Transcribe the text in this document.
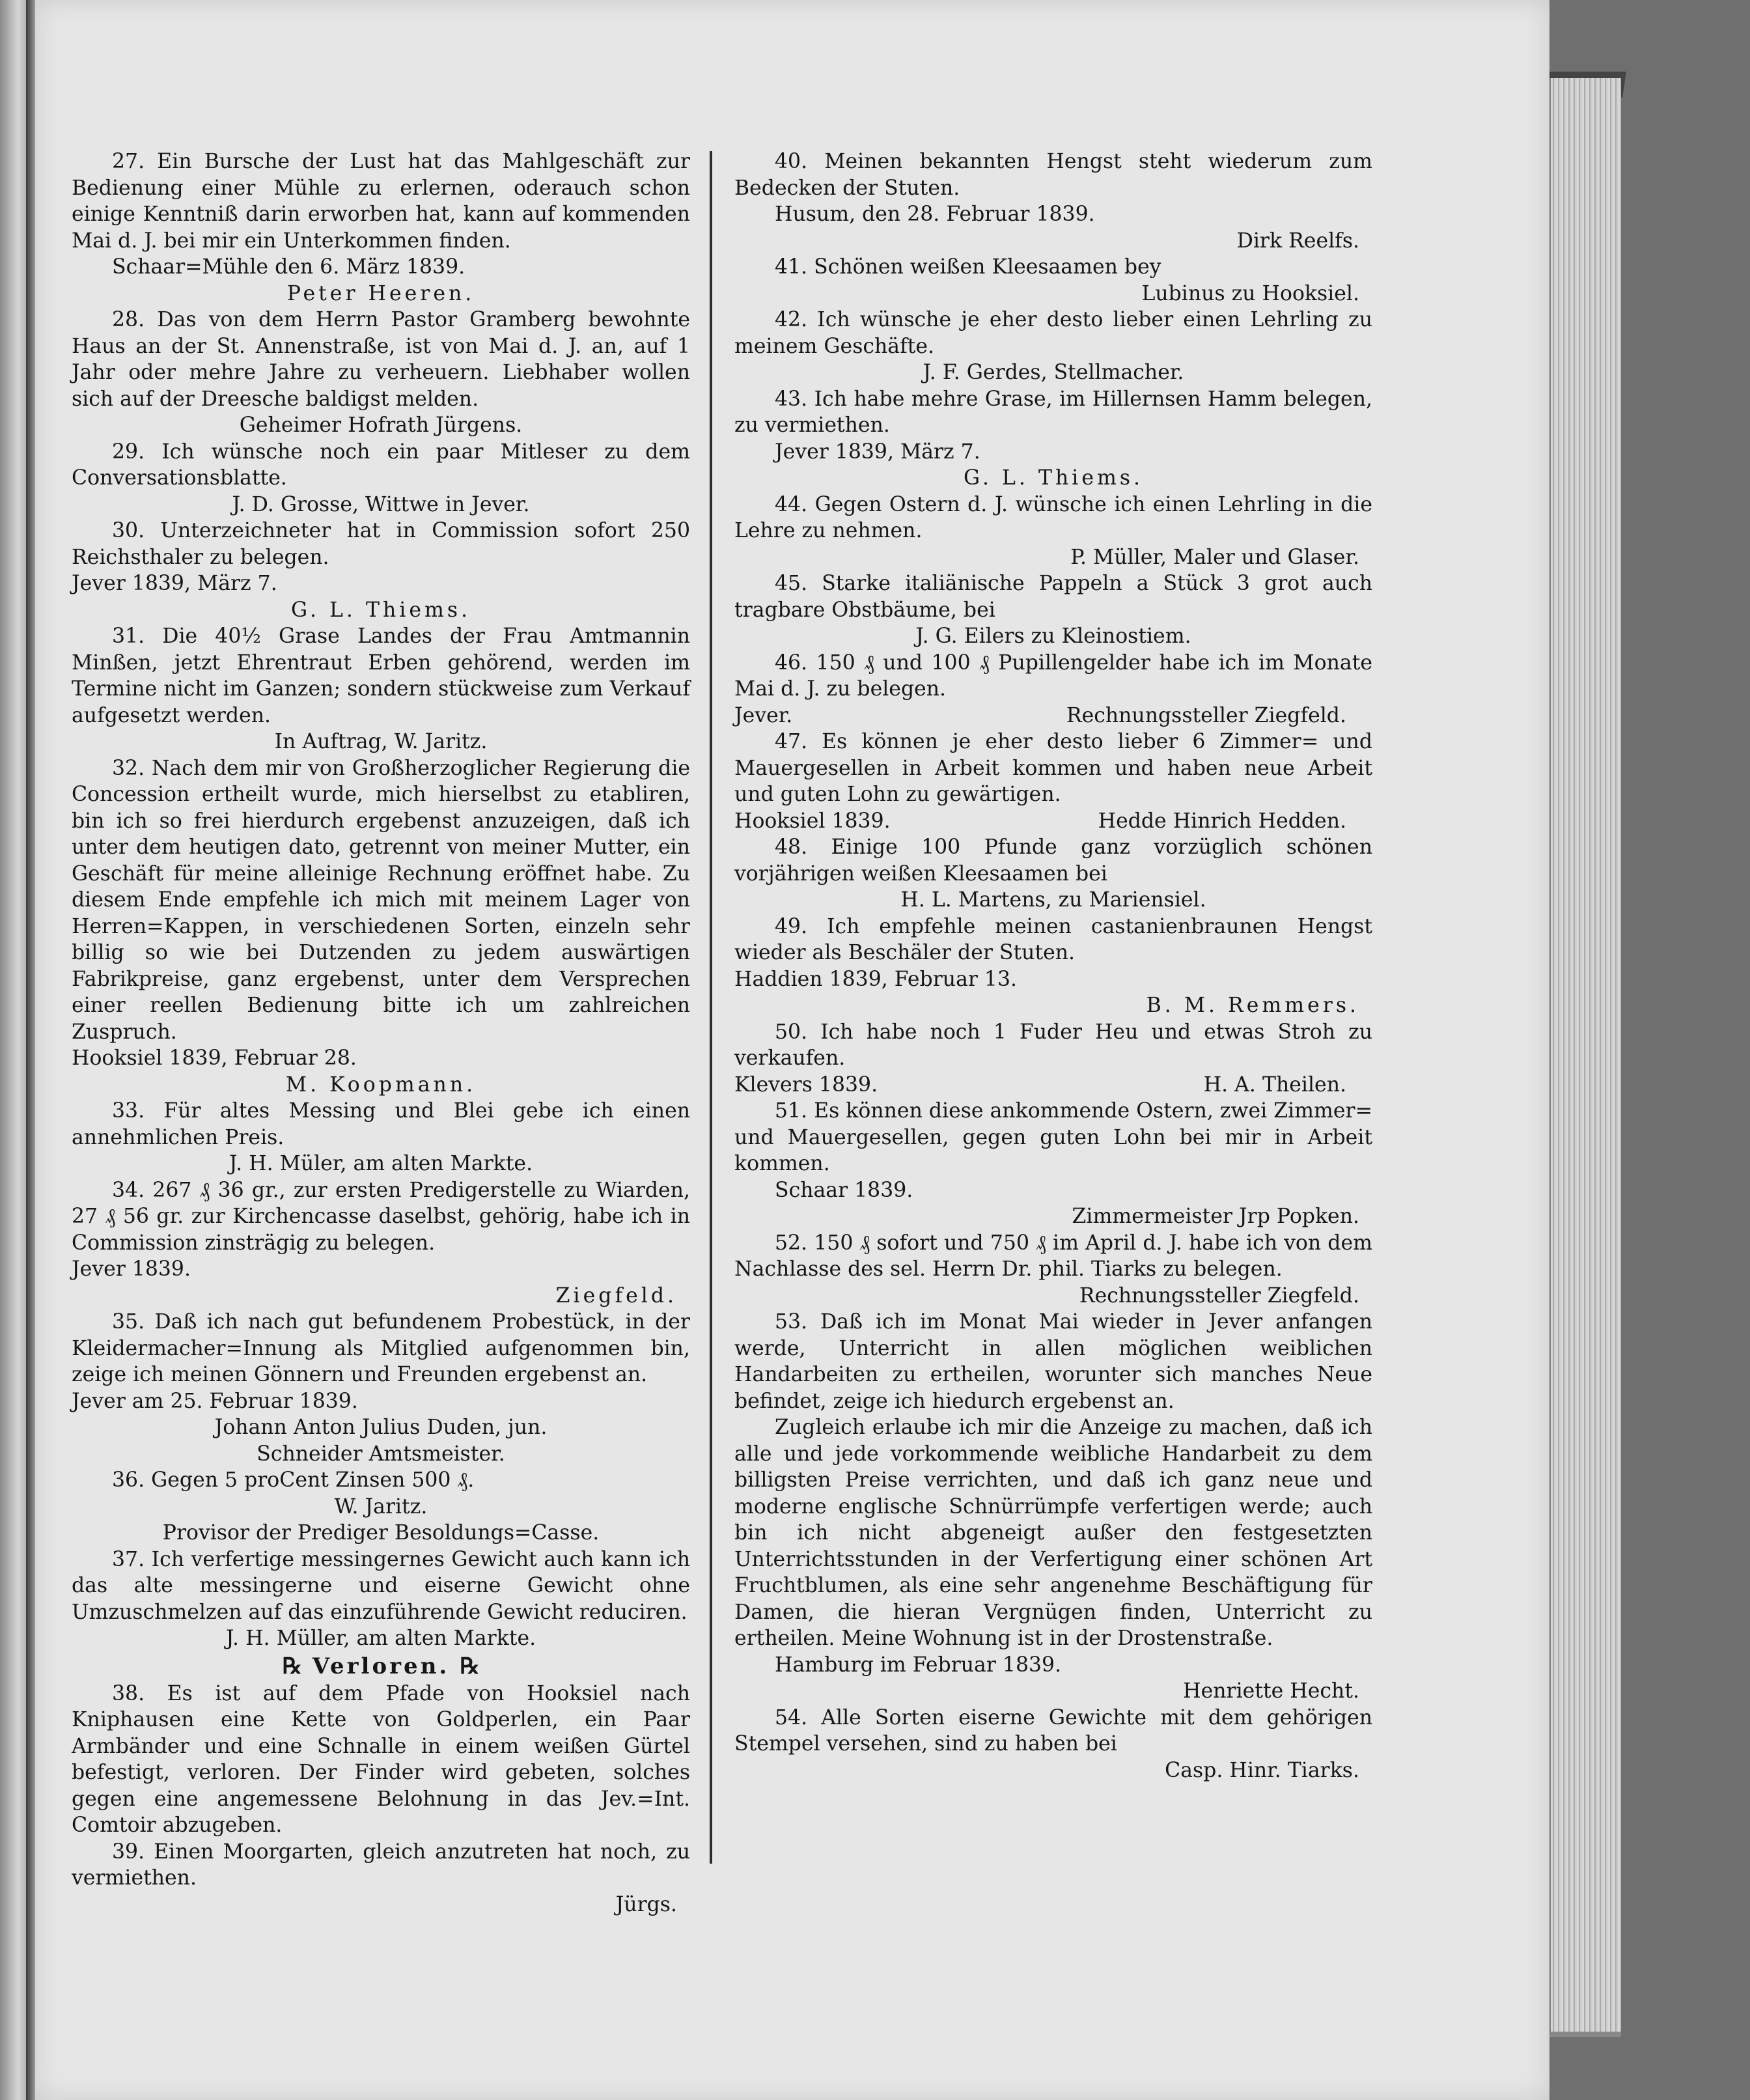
27. Ein Bursche der Lust hat das Mahlgeschäft zur Bedienung einer Mühle zu erlernen, oderauch schon einige Kenntniß darin erworben hat, kann auf kommenden Mai d. J. bei mir ein Unterkommen finden.

Schaar=Mühle den 6. März 1839.

Peter Heeren.

28. Das von dem Herrn Pastor Gramberg bewohnte Haus an der St. Annenstraße, ist von Mai d. J. an, auf 1 Jahr oder mehre Jahre zu verheuern. Liebhaber wollen sich auf der Dreesche baldigst melden.

Geheimer Hofrath Jürgens.

29. Ich wünsche noch ein paar Mitleser zu dem Conversationsblatte.

J. D. Grosse, Wittwe in Jever.

30. Unterzeichneter hat in Commission sofort 250 Reichsthaler zu belegen.

Jever 1839, März 7.

G. L. Thiems.

31. Die 40½ Grase Landes der Frau Amtmannin Minßen, jetzt Ehrentraut Erben gehörend, werden im Termine nicht im Ganzen; sondern stückweise zum Verkauf aufgesetzt werden.

In Auftrag, W. Jaritz.

32. Nach dem mir von Großherzoglicher Regierung die Concession ertheilt wurde, mich hierselbst zu etabliren, bin ich so frei hierdurch ergebenst anzuzeigen, daß ich unter dem heutigen dato, getrennt von meiner Mutter, ein Geschäft für meine alleinige Rechnung eröffnet habe. Zu diesem Ende empfehle ich mich mit meinem Lager von Herren=Kappen, in verschiedenen Sorten, einzeln sehr billig so wie bei Dutzenden zu jedem auswärtigen Fabrikpreise, ganz ergebenst, unter dem Versprechen einer reellen Bedienung bitte ich um zahlreichen Zuspruch.

Hooksiel 1839, Februar 28.

M. Koopmann.

33. Für altes Messing und Blei gebe ich einen annehmlichen Preis.

J. H. Müler, am alten Markte.

34. 267 ₰ 36 gr., zur ersten Predigerstelle zu Wiarden, 27 ₰ 56 gr. zur Kirchencasse daselbst, gehörig, habe ich in Commission zinsträgig zu belegen.

Jever 1839.

Ziegfeld.

35. Daß ich nach gut befundenem Probestück, in der Kleidermacher=Innung als Mitglied aufgenommen bin, zeige ich meinen Gönnern und Freunden ergebenst an.

Jever am 25. Februar 1839.

Johann Anton Julius Duden, jun.

Schneider Amtsmeister.

36. Gegen 5 proCent Zinsen 500 ₰.

W. Jaritz.

Provisor der Prediger Besoldungs=Casse.

37. Ich verfertige messingernes Gewicht auch kann ich das alte messingerne und eiserne Gewicht ohne Umzuschmelzen auf das einzuführende Gewicht reduciren.

J. H. Müller, am alten Markte.

℞ Verloren. ℞

38. Es ist auf dem Pfade von Hooksiel nach Kniphausen eine Kette von Goldperlen, ein Paar Armbänder und eine Schnalle in einem weißen Gürtel befestigt, verloren. Der Finder wird gebeten, solches gegen eine angemessene Belohnung in das Jev.=Int. Comtoir abzugeben.

39. Einen Moorgarten, gleich anzutreten hat noch, zu vermiethen.

Jürgs.

40. Meinen bekannten Hengst steht wiederum zum Bedecken der Stuten.

Husum, den 28. Februar 1839.

Dirk Reelfs.

41. Schönen weißen Kleesaamen bey

Lubinus zu Hooksiel.

42. Ich wünsche je eher desto lieber einen Lehrling zu meinem Geschäfte.

J. F. Gerdes, Stellmacher.

43. Ich habe mehre Grase, im Hillernsen Hamm belegen, zu vermiethen.

Jever 1839, März 7.

G. L. Thiems.

44. Gegen Ostern d. J. wünsche ich einen Lehrling in die Lehre zu nehmen.

P. Müller, Maler und Glaser.

45. Starke italiänische Pappeln a Stück 3 grot auch tragbare Obstbäume, bei

J. G. Eilers zu Kleinostiem.

46. 150 ₰ und 100 ₰ Pupillengelder habe ich im Monate Mai d. J. zu belegen.

Jever.	Rechnungssteller Ziegfeld.

47. Es können je eher desto lieber 6 Zimmer= und Mauergesellen in Arbeit kommen und haben neue Arbeit und guten Lohn zu gewärtigen.

Hooksiel 1839.	Hedde Hinrich Hedden.

48. Einige 100 Pfunde ganz vorzüglich schönen vorjährigen weißen Kleesaamen bei

H. L. Martens, zu Mariensiel.

49. Ich empfehle meinen castanienbraunen Hengst wieder als Beschäler der Stuten.

Haddien 1839, Februar 13.

B. M. Remmers.

50. Ich habe noch 1 Fuder Heu und etwas Stroh zu verkaufen.

Klevers 1839.	H. A. Theilen.

51. Es können diese ankommende Ostern, zwei Zimmer= und Mauergesellen, gegen guten Lohn bei mir in Arbeit kommen.

Schaar 1839.

Zimmermeister Jrp Popken.

52. 150 ₰ sofort und 750 ₰ im April d. J. habe ich von dem Nachlasse des sel. Herrn Dr. phil. Tiarks zu belegen.

Rechnungssteller Ziegfeld.

53. Daß ich im Monat Mai wieder in Jever anfangen werde, Unterricht in allen möglichen weiblichen Handarbeiten zu ertheilen, worunter sich manches Neue befindet, zeige ich hiedurch ergebenst an.

Zugleich erlaube ich mir die Anzeige zu machen, daß ich alle und jede vorkommende weibliche Handarbeit zu dem billigsten Preise verrichten, und daß ich ganz neue und moderne englische Schnürrümpfe verfertigen werde; auch bin ich nicht abgeneigt außer den festgesetzten Unterrichtsstunden in der Verfertigung einer schönen Art Fruchtblumen, als eine sehr angenehme Beschäftigung für Damen, die hieran Vergnügen finden, Unterricht zu ertheilen. Meine Wohnung ist in der Drostenstraße.

Hamburg im Februar 1839.

Henriette Hecht.

54. Alle Sorten eiserne Gewichte mit dem gehörigen Stempel versehen, sind zu haben bei

Casp. Hinr. Tiarks.
